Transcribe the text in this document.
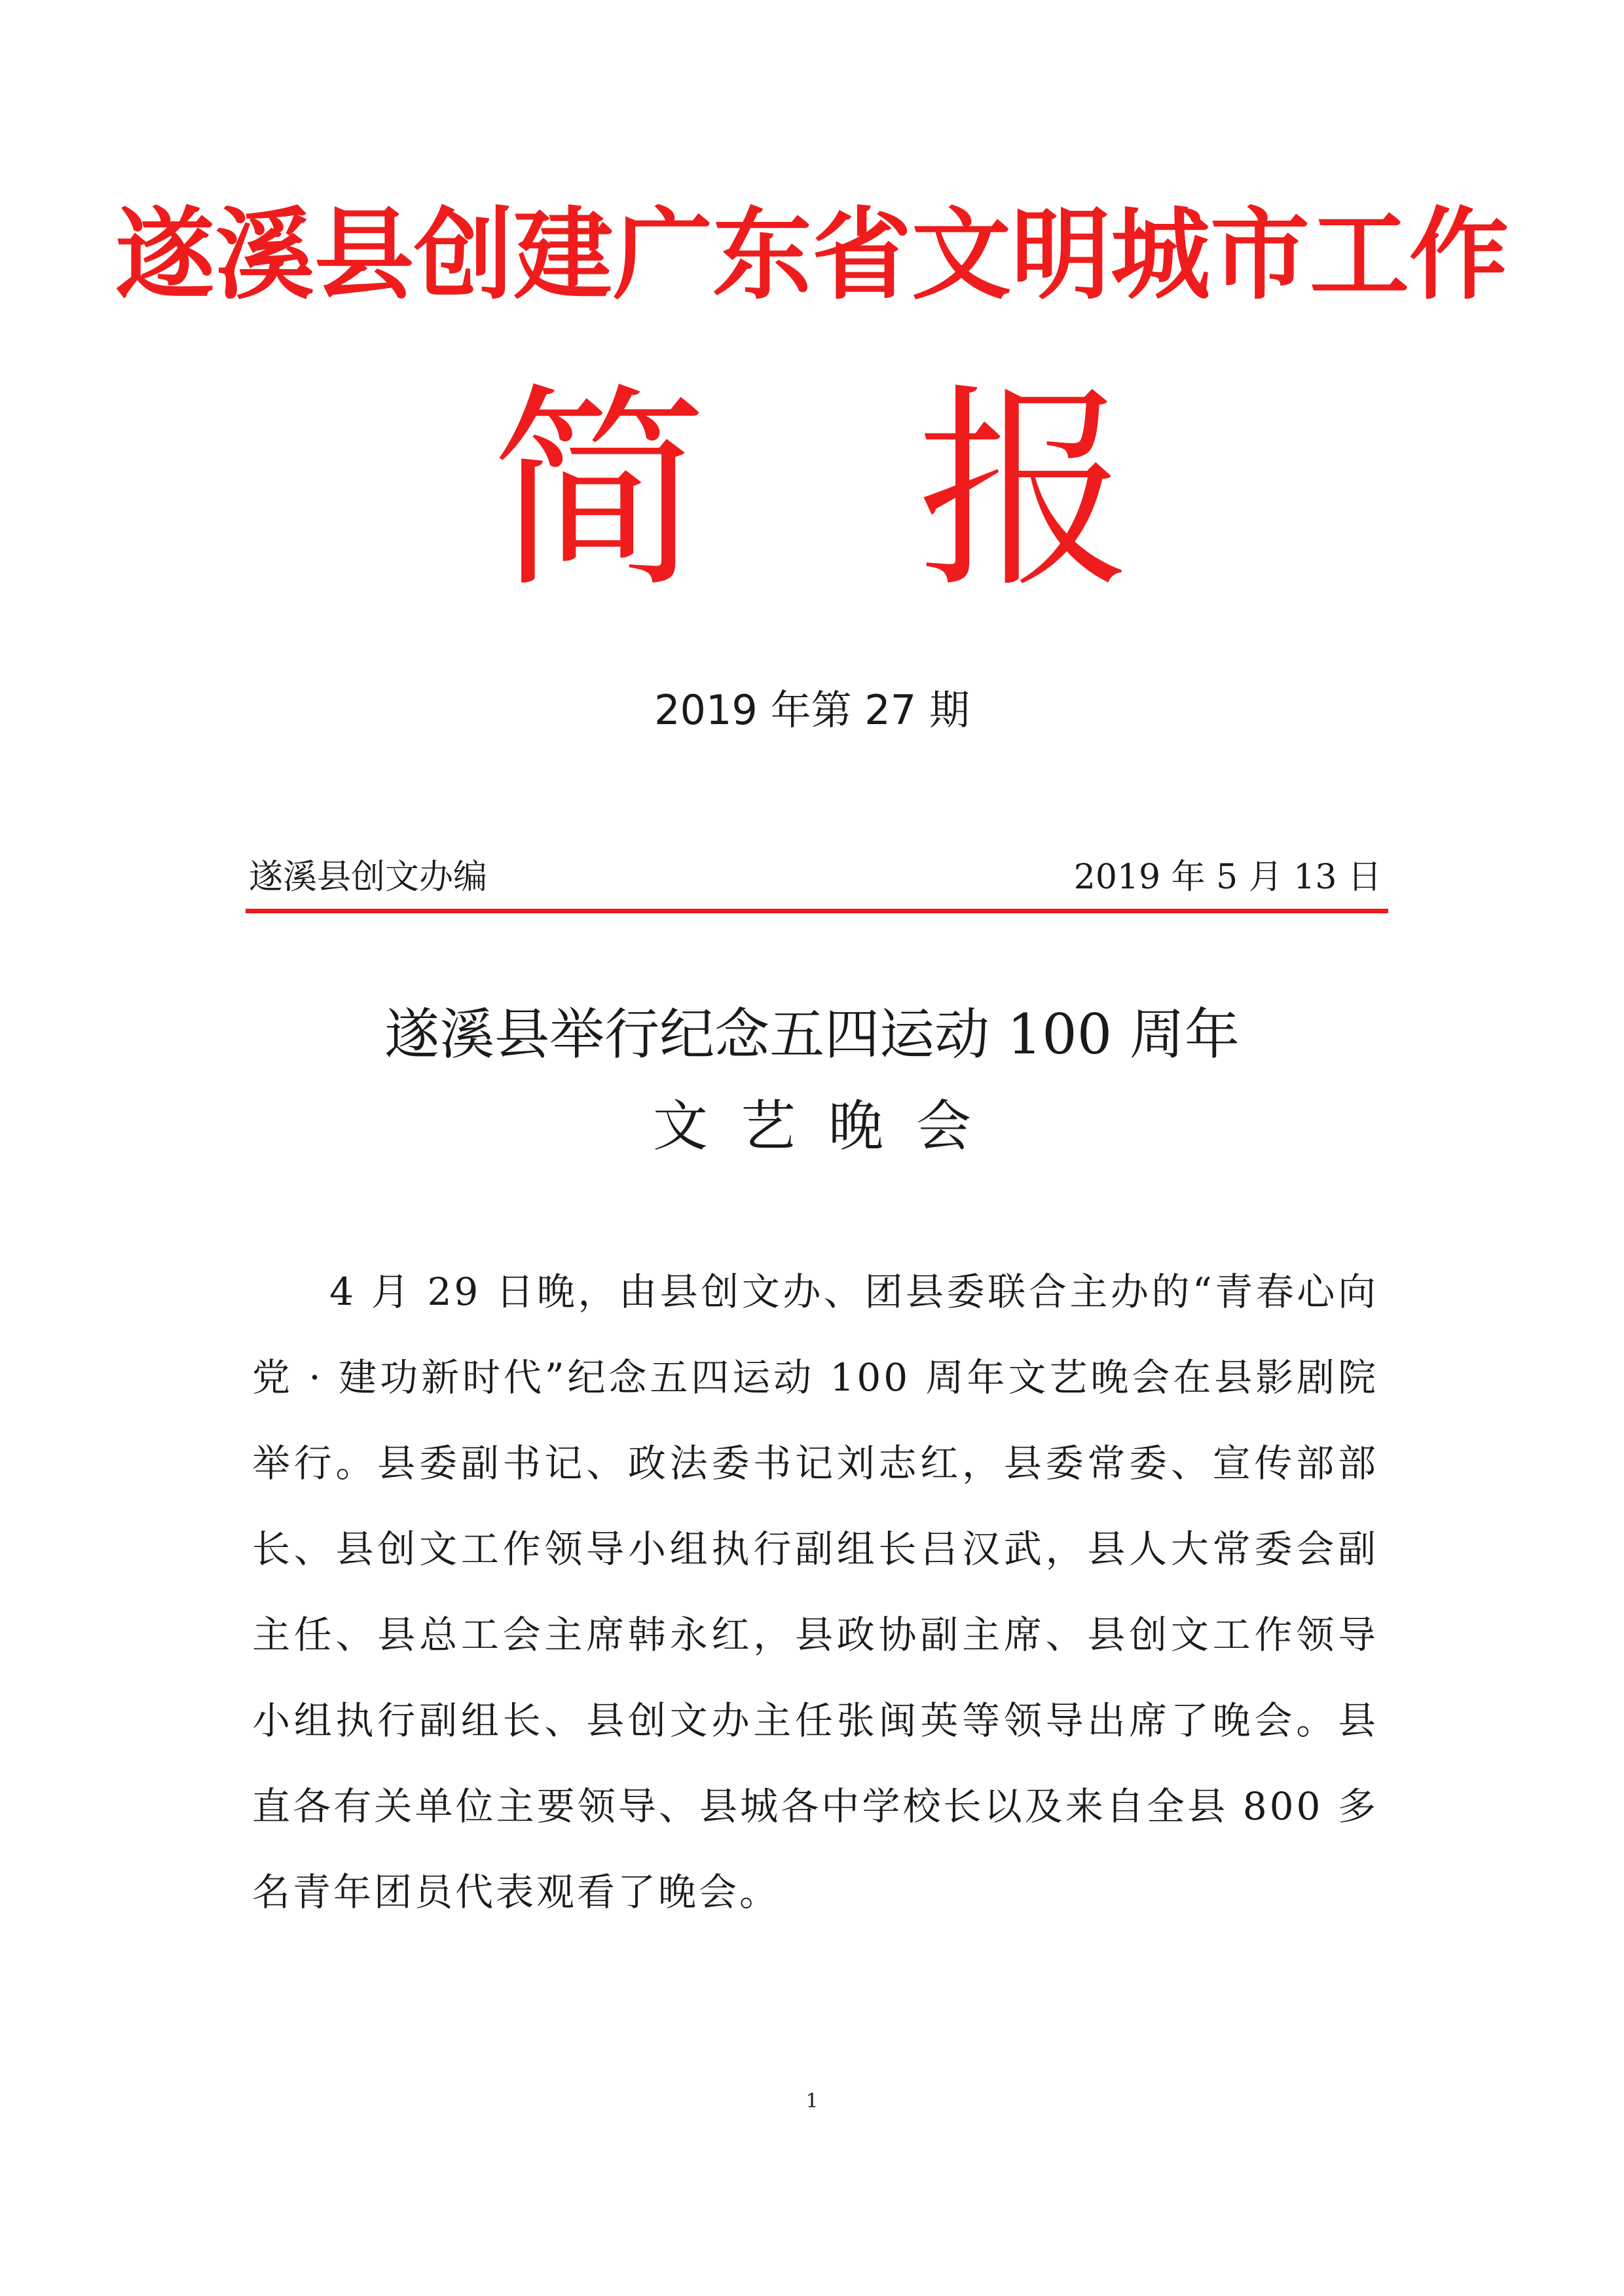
遂溪县创建广东省文明城市工作
简 报
2019 年第 27 期
遂溪县创文办编	2019 年 5 月 13 日
遂溪县举行纪念五四运动 100 周年
文艺晚会

4 月 29 日晚，由县创文办、团县委联合主办的“青春心向党 · 建功新时代”纪念五四运动 100 周年文艺晚会在县影剧院举行。县委副书记、政法委书记刘志红，县委常委、宣传部部长、县创文工作领导小组执行副组长吕汉武，县人大常委会副主任、县总工会主席韩永红，县政协副主席、县创文工作领导小组执行副组长、县创文办主任张闽英等领导出席了晚会。县直各有关单位主要领导、县城各中学校长以及来自全县 800 多名青年团员代表观看了晚会。

1
